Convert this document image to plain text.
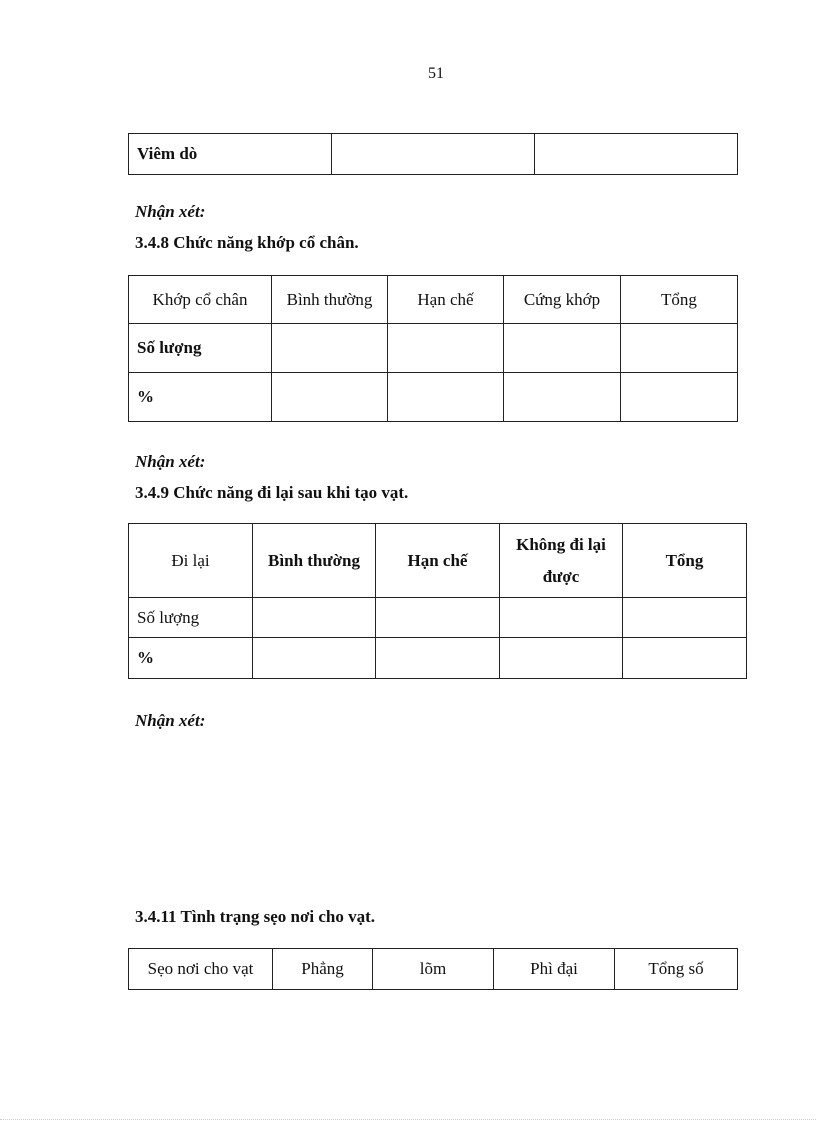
51
Viêm dò		
Nhận xét:
3.4.8 Chức năng khớp cổ chân.
Khớp cổ chân	Bình thường	Hạn chế	Cứng khớp	Tổng
Số lượng				
%				
Nhận xét:
3.4.9 Chức năng đi lại sau khi tạo vạt.
Đi lại	Bình thường	Hạn chế	Không đi lại được	Tổng
Số lượng				
%				
Nhận xét:
3.4.11 Tình trạng sẹo nơi cho vạt.
Sẹo nơi cho vạt	Phẳng	lõm	Phì đại	Tổng số
